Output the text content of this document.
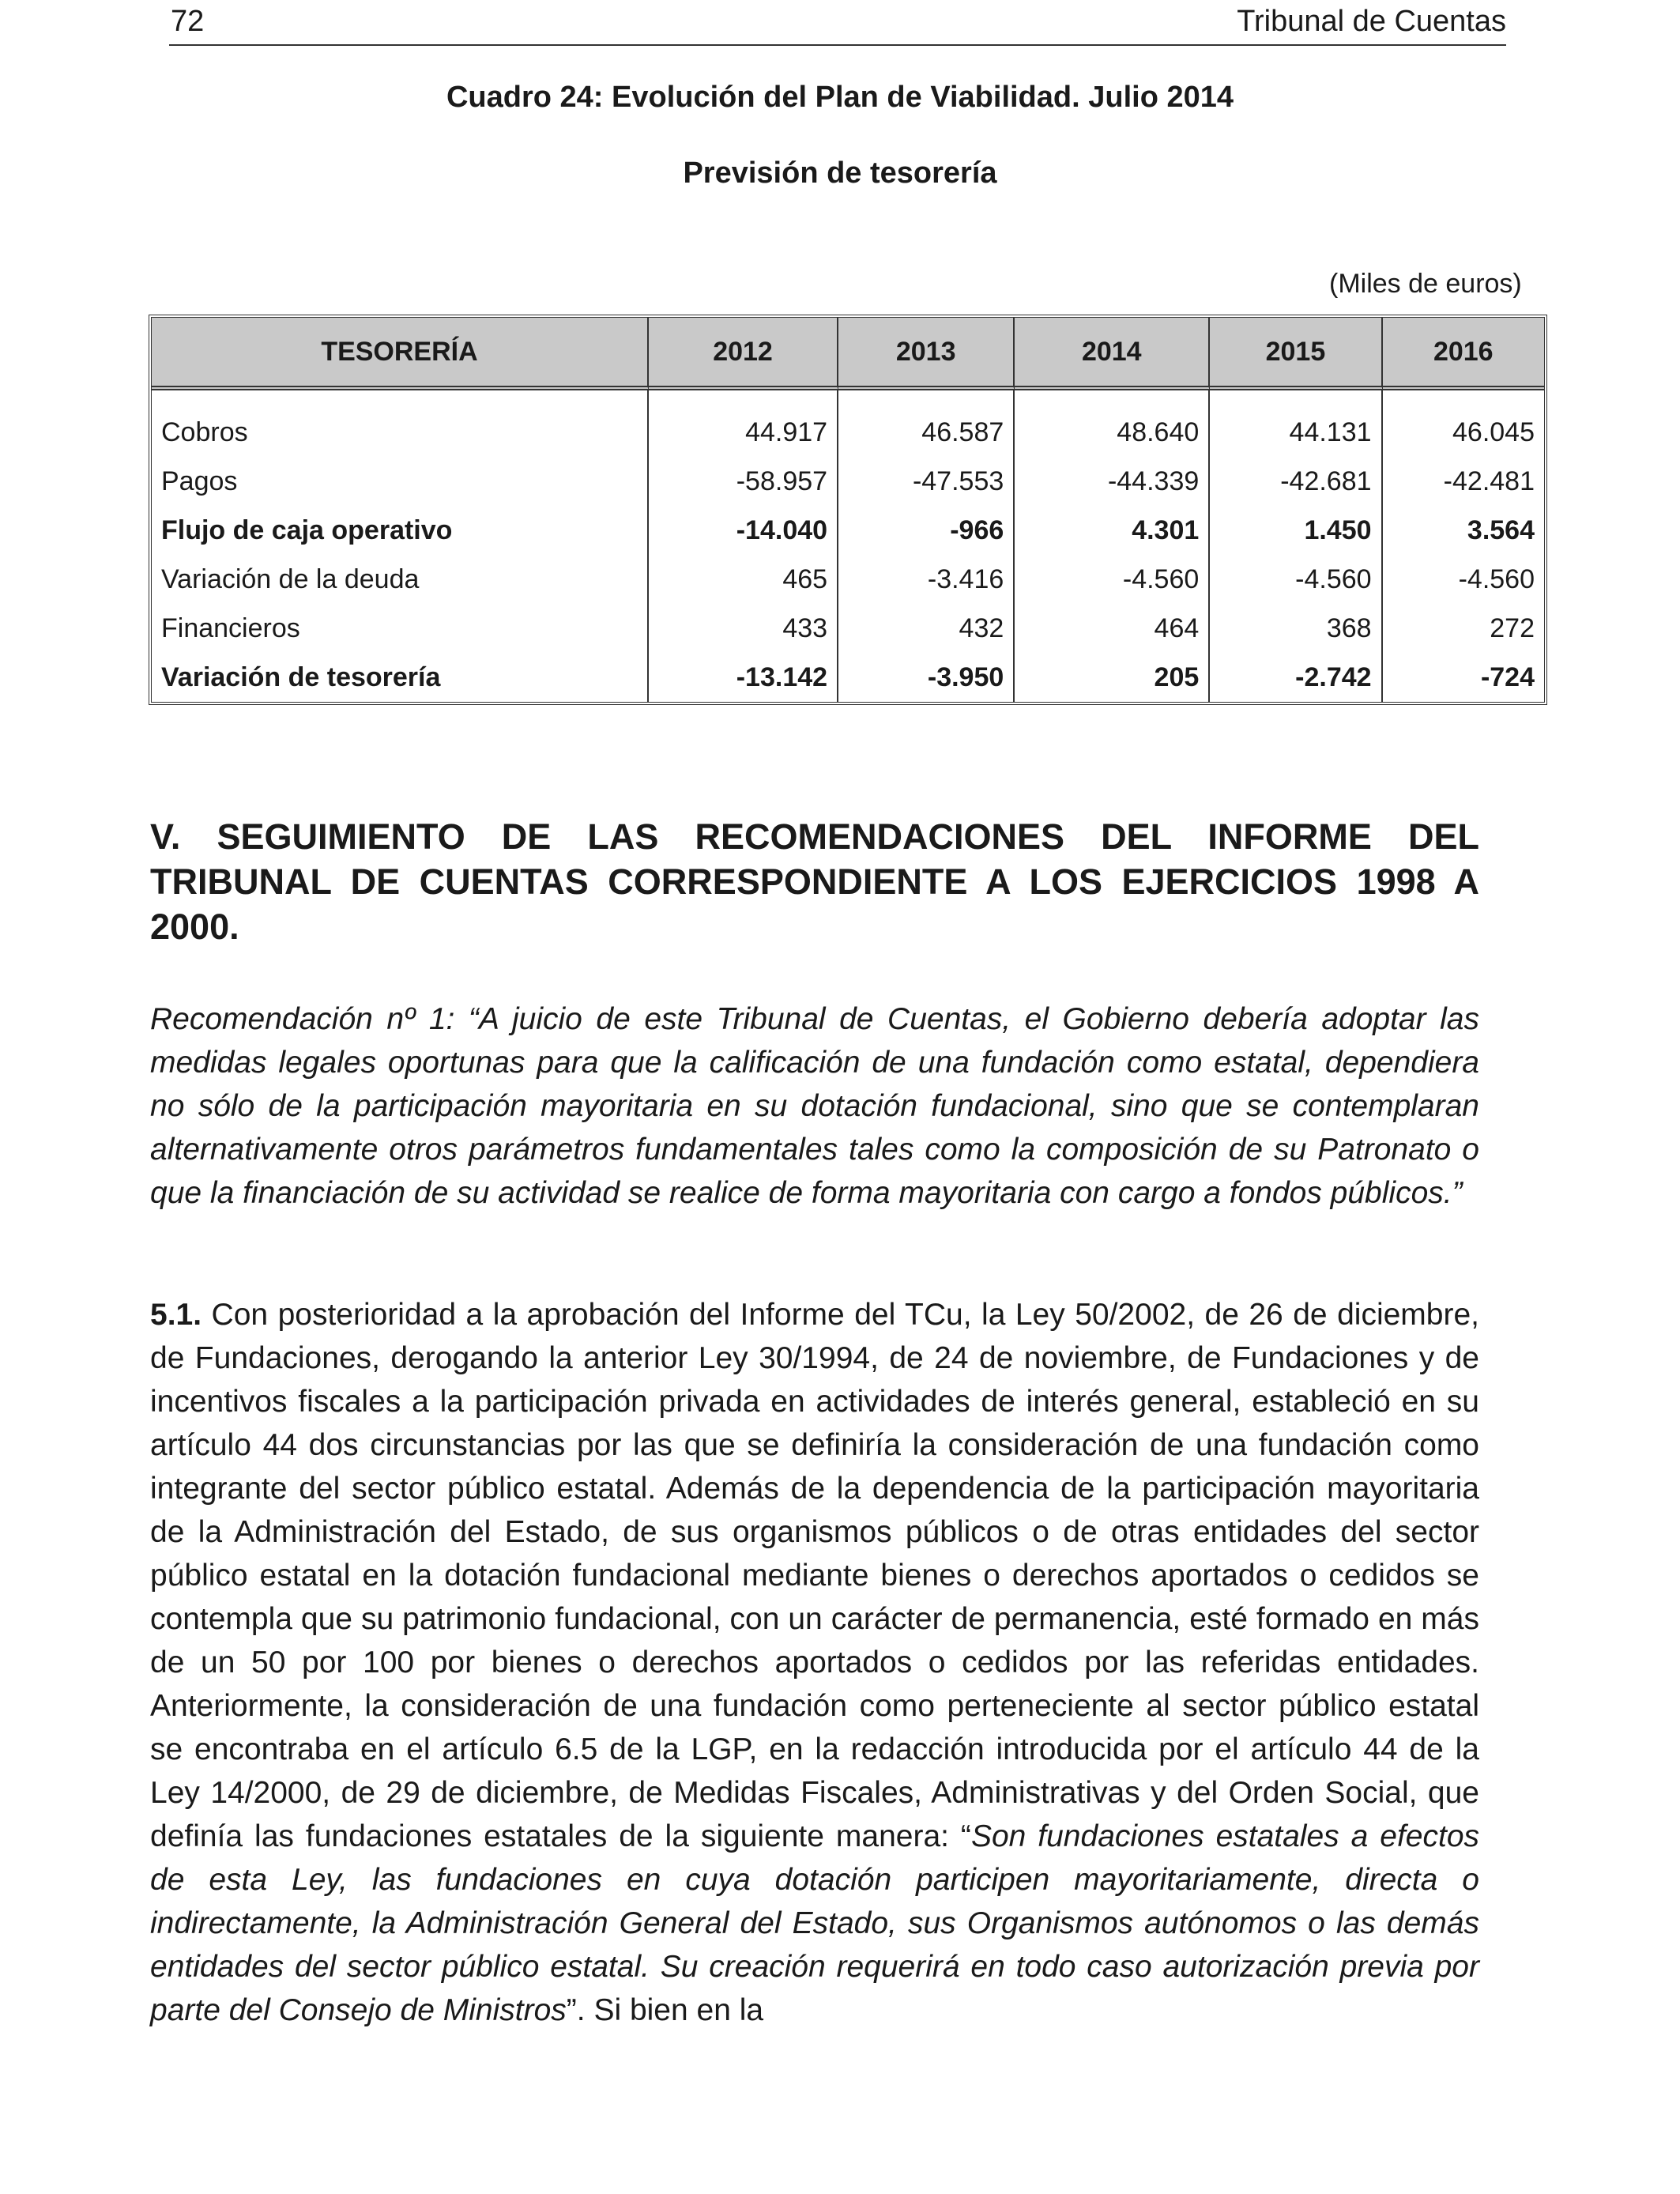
72	Tribunal de Cuentas
Cuadro 24: Evolución del Plan de Viabilidad. Julio 2014
Previsión de tesorería
(Miles de euros)
TESORERÍA	2012	2013	2014	2015	2016
Cobros	44.917	46.587	48.640	44.131	46.045
Pagos	-58.957	-47.553	-44.339	-42.681	-42.481
Flujo de caja operativo	-14.040	-966	4.301	1.450	3.564
Variación de la deuda	465	-3.416	-4.560	-4.560	-4.560
Financieros	433	432	464	368	272
Variación de tesorería	-13.142	-3.950	205	-2.742	-724
V. SEGUIMIENTO DE LAS RECOMENDACIONES DEL INFORME DEL TRIBUNAL DE CUENTAS CORRESPONDIENTE A LOS EJERCICIOS 1998 A 2000.

Recomendación nº 1: “A juicio de este Tribunal de Cuentas, el Gobierno debería adoptar las medidas legales oportunas para que la calificación de una fundación como estatal, dependiera no sólo de la participación mayoritaria en su dotación fundacional, sino que se contemplaran alternativamente otros parámetros fundamentales tales como la composición de su Patronato o que la financiación de su actividad se realice de forma mayoritaria con cargo a fondos públicos.”

5.1. Con posterioridad a la aprobación del Informe del TCu, la Ley 50/2002, de 26 de diciembre, de Fundaciones, derogando la anterior Ley 30/1994, de 24 de noviembre, de Fundaciones y de incentivos fiscales a la participación privada en actividades de interés general, estableció en su artículo 44 dos circunstancias por las que se definiría la consideración de una fundación como integrante del sector público estatal. Además de la dependencia de la participación mayoritaria de la Administración del Estado, de sus organismos públicos o de otras entidades del sector público estatal en la dotación fundacional mediante bienes o derechos aportados o cedidos se contempla que su patrimonio fundacional, con un carácter de permanencia, esté formado en más de un 50 por 100 por bienes o derechos aportados o cedidos por las referidas entidades. Anteriormente, la consideración de una fundación como perteneciente al sector público estatal se encontraba en el artículo 6.5 de la LGP, en la redacción introducida por el artículo 44 de la Ley 14/2000, de 29 de diciembre, de Medidas Fiscales, Administrativas y del Orden Social, que definía las fundaciones estatales de la siguiente manera: “Son fundaciones estatales a efectos de esta Ley, las fundaciones en cuya dotación participen mayoritariamente, directa o indirectamente, la Administración General del Estado, sus Organismos autónomos o las demás entidades del sector público estatal. Su creación requerirá en todo caso autorización previa por parte del Consejo de Ministros”. Si bien en la
